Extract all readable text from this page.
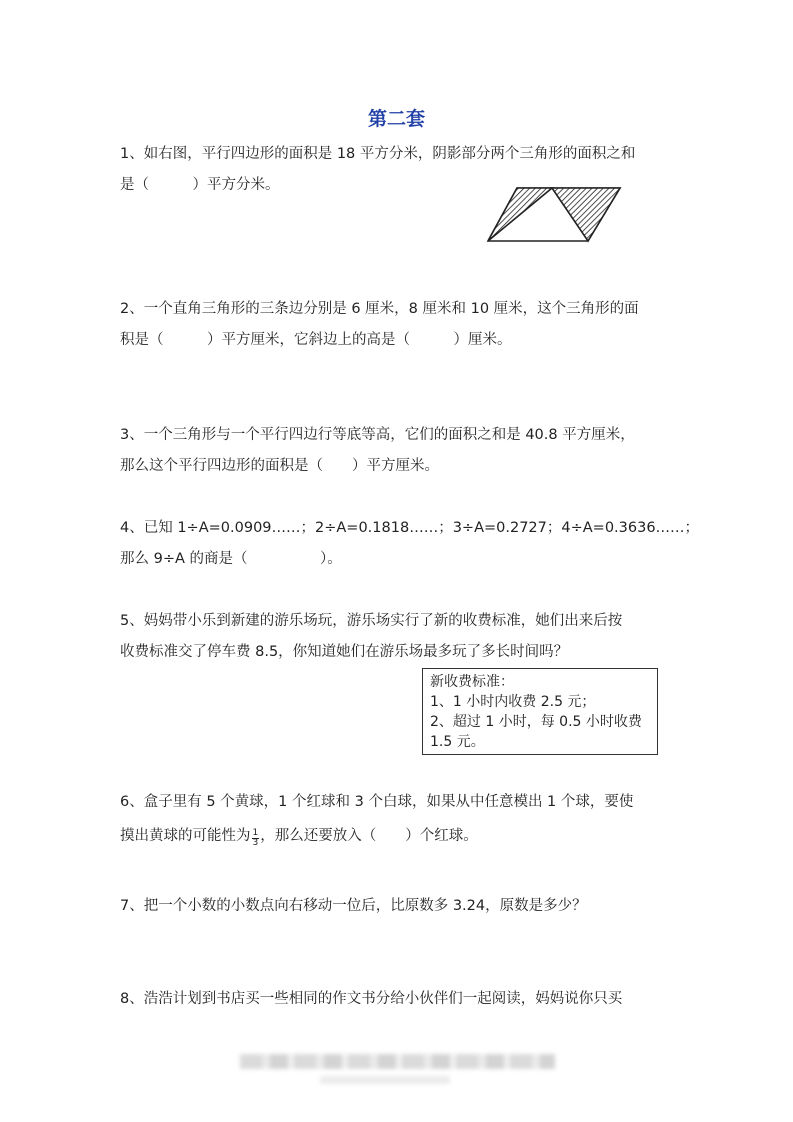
第二套
1、如右图，平行四边形的面积是 18 平方分米，阴影部分两个三角形的面积之和
是（　　　）平方分米。
2、一个直角三角形的三条边分别是 6 厘米，8 厘米和 10 厘米，这个三角形的面
积是（　　　）平方厘米，它斜边上的高是（　　　）厘米。
3、一个三角形与一个平行四边行等底等高，它们的面积之和是 40.8 平方厘米，
那么这个平行四边形的面积是（　　）平方厘米。
4、已知 1÷A=0.0909……；2÷A=0.1818……；3÷A=0.2727；4÷A=0.3636……；
那么 9÷A 的商是（　　　　　）。
5、妈妈带小乐到新建的游乐场玩，游乐场实行了新的收费标准，她们出来后按
收费标准交了停车费 8.5，你知道她们在游乐场最多玩了多长时间吗？
新收费标准：
1、1 小时内收费 2.5 元；
2、超过 1 小时，每 0.5 小时收费
1.5 元。
6、盒子里有 5 个黄球，1 个红球和 3 个白球，如果从中任意模出 1 个球，要使
摸出黄球的可能性为 $\frac{1}{3}$ ，那么还要放入（　　）个红球。
7、把一个小数的小数点向右移动一位后，比原数多 3.24，原数是多少？
8、浩浩计划到书店买一些相同的作文书分给小伙伴们一起阅读，妈妈说你只买
